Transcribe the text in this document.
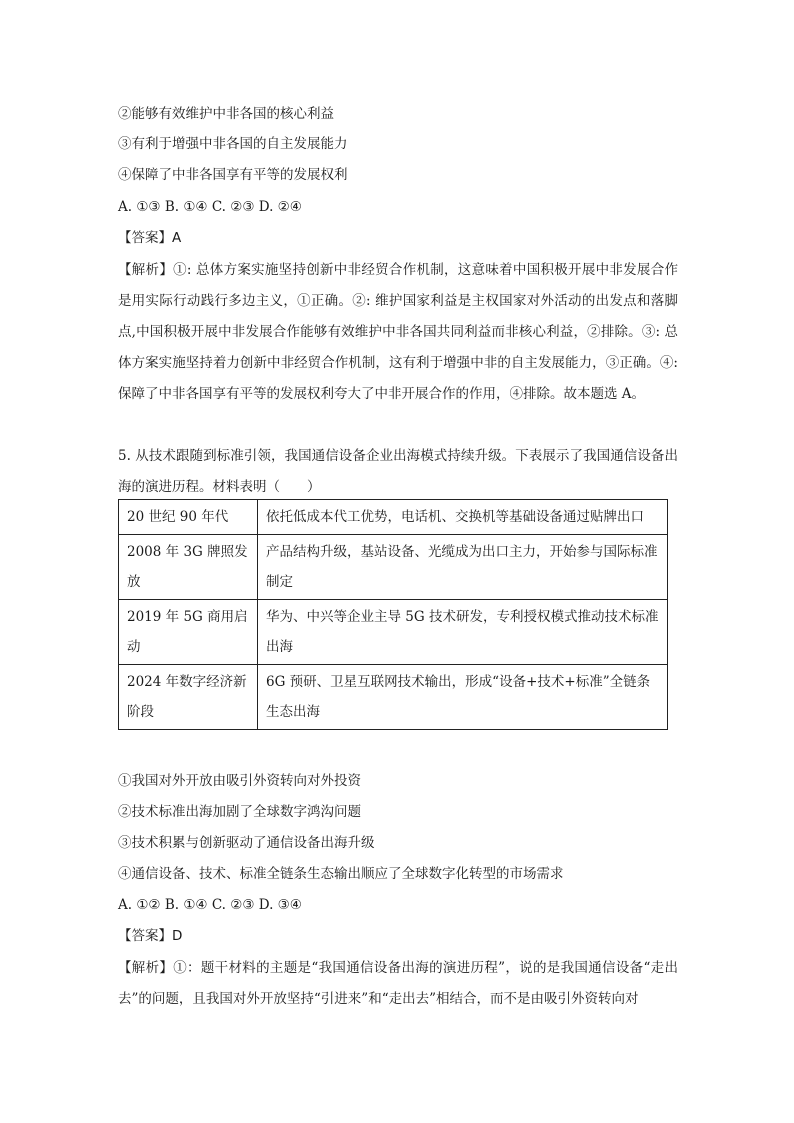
②能够有效维护中非各国的核心利益
③有利于增强中非各国的自主发展能力
④保障了中非各国享有平等的发展权利
A. ①③ B. ①④ C. ②③ D. ②④
【答案】A
【解析】①: 总体方案实施坚持创新中非经贸合作机制，这意味着中国积极开展中非发展合作是用实际行动践行多边主义，①正确。②: 维护国家利益是主权国家对外活动的出发点和落脚点,中国积极开展中非发展合作能够有效维护中非各国共同利益而非核心利益，②排除。③: 总体方案实施坚持着力创新中非经贸合作机制，这有利于增强中非的自主发展能力，③正确。④: 保障了中非各国享有平等的发展权利夸大了中非开展合作的作用，④排除。故本题选 A。
5. 从技术跟随到标准引领，我国通信设备企业出海模式持续升级。下表展示了我国通信设备出海的演进历程。材料表明（　　）
20 世纪 90 年代	依托低成本代工优势，电话机、交换机等基础设备通过贴牌出口
2008 年 3G 牌照发放	产品结构升级，基站设备、光缆成为出口主力，开始参与国际标准制定
2019 年 5G 商用启动	华为、中兴等企业主导 5G 技术研发，专利授权模式推动技术标准出海
2024 年数字经济新阶段	6G 预研、卫星互联网技术输出，形成“设备+技术+标准”全链条生态出海
①我国对外开放由吸引外资转向对外投资
②技术标准出海加剧了全球数字鸿沟问题
③技术积累与创新驱动了通信设备出海升级
④通信设备、技术、标准全链条生态输出顺应了全球数字化转型的市场需求
A. ①② B. ①④ C. ②③ D. ③④
【答案】D
【解析】①：题干材料的主题是“我国通信设备出海的演进历程”，说的是我国通信设备“走出去”的问题，且我国对外开放坚持“引进来”和“走出去”相结合，而不是由吸引外资转向对
